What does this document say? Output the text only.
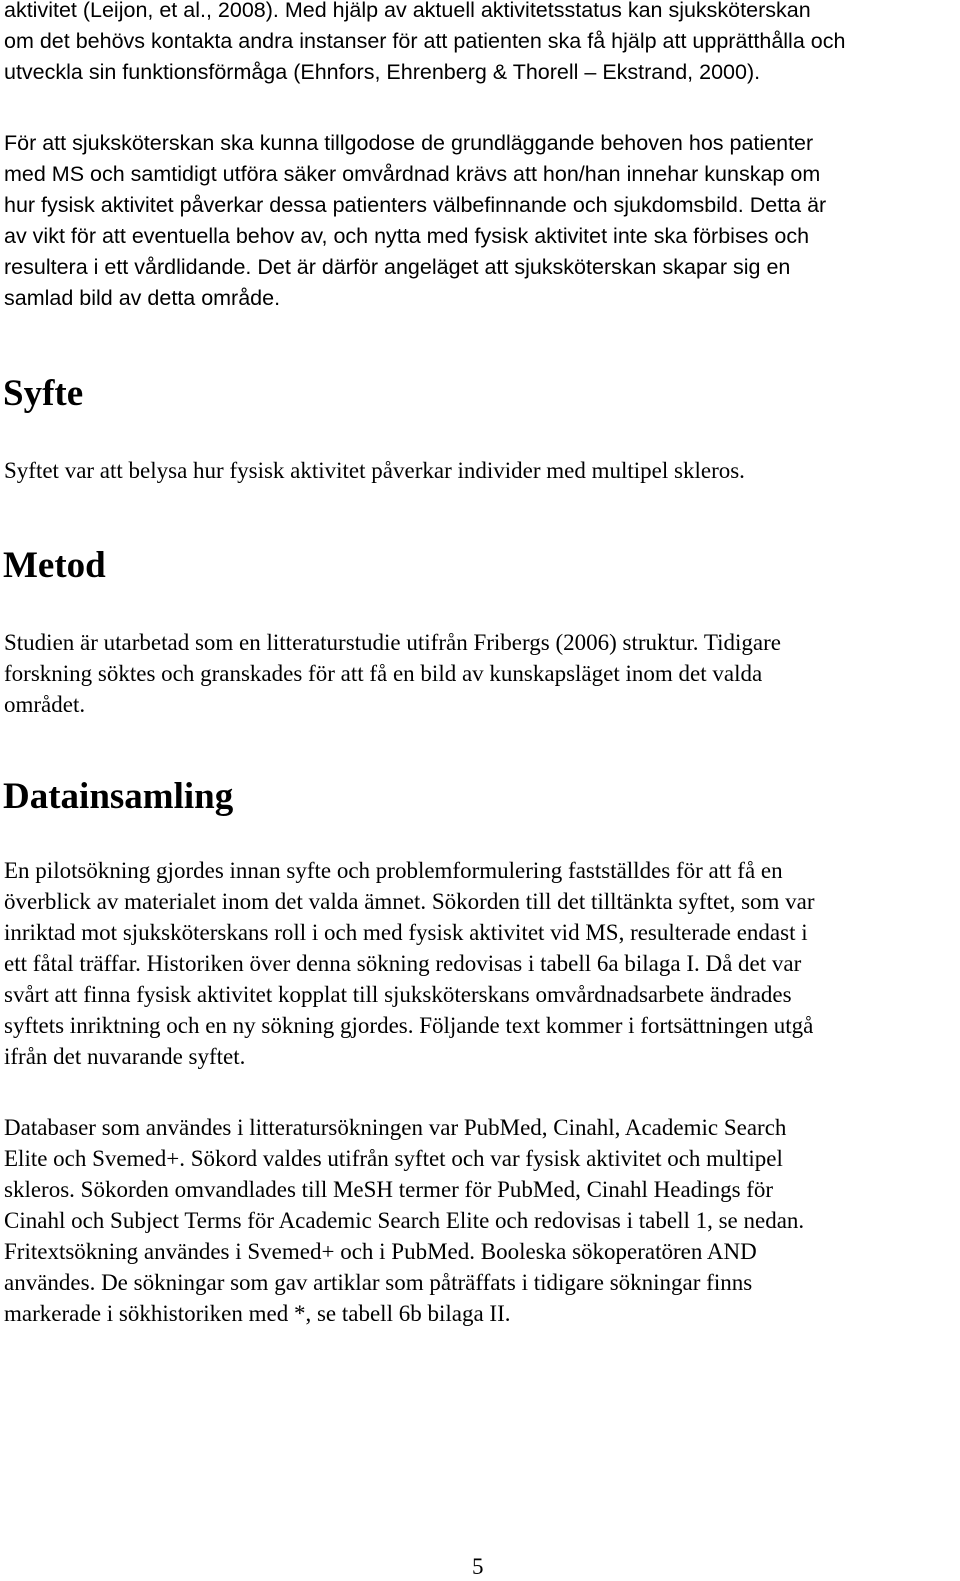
aktivitet (Leijon, et al., 2008). Med hjälp av aktuell aktivitetsstatus kan sjuksköterskan

om det behövs kontakta andra instanser för att patienten ska få hjälp att upprätthålla och

utveckla sin funktionsförmåga (Ehnfors, Ehrenberg & Thorell – Ekstrand, 2000).

För att sjuksköterskan ska kunna tillgodose de grundläggande behoven hos patienter

med MS och samtidigt utföra säker omvårdnad krävs att hon/han innehar kunskap om

hur fysisk aktivitet påverkar dessa patienters välbefinnande och sjukdomsbild. Detta är

av vikt för att eventuella behov av, och nytta med fysisk aktivitet inte ska förbises och

resultera i ett vårdlidande. Det är därför angeläget att sjuksköterskan skapar sig en

samlad bild av detta område.

Syfte

Syftet var att belysa hur fysisk aktivitet påverkar individer med multipel skleros.

Metod

Studien är utarbetad som en litteraturstudie utifrån Fribergs (2006) struktur. Tidigare

forskning söktes och granskades för att få en bild av kunskapsläget inom det valda

området.

Datainsamling

En pilotsökning gjordes innan syfte och problemformulering fastställdes för att få en

överblick av materialet inom det valda ämnet. Sökorden till det tilltänkta syftet, som var

inriktad mot sjuksköterskans roll i och med fysisk aktivitet vid MS, resulterade endast i

ett fåtal träffar. Historiken över denna sökning redovisas i tabell 6a bilaga I. Då det var

svårt att finna fysisk aktivitet kopplat till sjuksköterskans omvårdnadsarbete ändrades

syftets inriktning och en ny sökning gjordes. Följande text kommer i fortsättningen utgå

ifrån det nuvarande syftet.

Databaser som användes i litteratursökningen var PubMed, Cinahl, Academic Search

Elite och Svemed+. Sökord valdes utifrån syftet och var fysisk aktivitet och multipel

skleros. Sökorden omvandlades till MeSH termer för PubMed, Cinahl Headings för

Cinahl och Subject Terms för Academic Search Elite och redovisas i tabell 1, se nedan.

Fritextsökning användes i Svemed+ och i PubMed. Booleska sökoperatören AND

användes. De sökningar som gav artiklar som påträffats i tidigare sökningar finns

markerade i sökhistoriken med *, se tabell 6b bilaga II.

5
